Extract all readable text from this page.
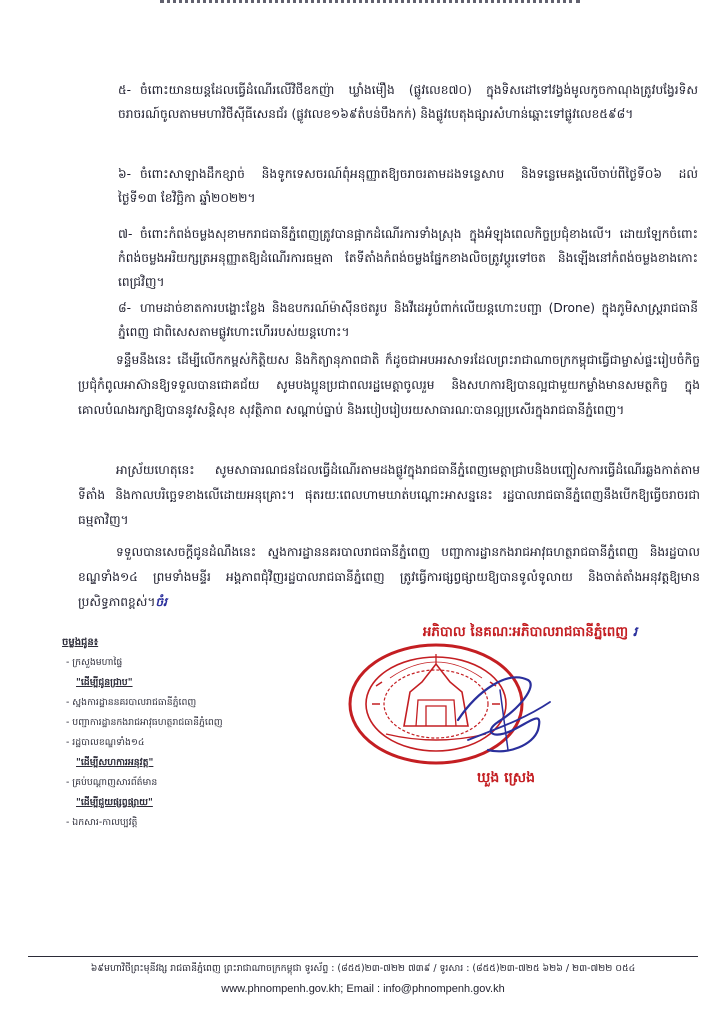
៥- ចំពោះយានយន្តដែលធ្វើដំណើរលើវិថីឧកញ៉ា ឃ្លាំងម៉ឿង (ផ្លូវលេខ៧០) ក្នុងទិសដៅទៅវង្វង់មូលកូចកាណុងត្រូវបង្វែរទិសចរាចរណ៍ចូលតាមមហាវិថីស៊ីធីសេនជ័រ (ផ្លូវលេខ១៦៩តំបន់បឹងកក់) និងផ្លូវបេតុងផ្សារសំហាន់ឆ្ពោះទៅផ្លូវលេខ៥៩៨។
៦- ចំពោះសាឡាងដឹកខ្សាច់ និងទូកទេសចរណ៍ពុំអនុញ្ញាតឱ្យចរាចរតាមដងទន្លេសាប និងទន្លេមេគង្គលើចាប់ពីថ្ងៃទី០៦ ដល់ថ្ងៃទី១៣ ខែវិច្ឆិកា ឆ្នាំ២០២២។
៧- ចំពោះកំពង់ចម្លងសុខាមករាជធានីភ្នំពេញត្រូវបានផ្អាកដំណើរការទាំងស្រុង ក្នុងអំឡុងពេលកិច្ចប្រជុំខាងលើ។ ដោយឡែកចំពោះកំពង់ចម្លងអរិយក្សត្រអនុញ្ញាតឱ្យដំណើរការធម្មតា តែទីតាំងកំពង់ចម្លងផ្នែកខាងលិចត្រូវប្តូរទៅចត និងឡើងនៅកំពង់ចម្លងខាងកោះពេជ្រវិញ។
៨- ហាមដាច់ខាតការបង្ហោះខ្លែង និងឧបករណ៍ម៉ាស៊ីនថតរូប និងវីដេអូបំពាក់លើយន្តហោះបញ្ជា (Drone) ក្នុងភូមិសាស្ត្ររាជធានីភ្នំពេញ ជាពិសេសតាមផ្លូវហោះហើររបស់យន្តហោះ។
ទន្ទឹមនឹងនេះ ដើម្បីលើកកម្ពស់កិត្តិយស និងកិត្យានុភាពជាតិ ក៏ដូចជាអបអរសាទរដែលព្រះរាជាណាចក្រកម្ពុជាធ្វើជាម្ចាស់ផ្ទះរៀបចំកិច្ចប្រជុំកំពូលអាស៊ានឱ្យទទួលបានជោគជ័យ សូមបងប្អូនប្រជាពលរដ្ឋមេត្តាចូលរួម និងសហការឱ្យបានល្អជាមួយកម្លាំងមានសមត្ថកិច្ច ក្នុងគោលបំណងរក្សាឱ្យបាននូវសន្តិសុខ សុវត្ថិភាព សណ្តាប់ធ្នាប់ និងរបៀបរៀបរយសាធារណៈបានល្អប្រសើរក្នុងរាជធានីភ្នំពេញ។
អាស្រ័យហេតុនេះ សូមសាធារណជនដែលធ្វើដំណើរតាមដងផ្លូវក្នុងរាជធានីភ្នំពេញមេត្តាជ្រាបនិងបញ្ចៀសការធ្វើដំណើរឆ្លងកាត់តាមទីតាំង និងកាលបរិច្ឆេទខាងលើដោយអនុគ្រោះ។ ផុតរយៈពេលហាមឃាត់បណ្តោះអាសន្ននេះ រដ្ឋបាលរាជធានីភ្នំពេញនឹងបើកឱ្យធ្វើចរាចរជាធម្មតាវិញ។
ទទួលបានសេចក្តីជូនដំណឹងនេះ ស្នងការដ្ឋាននគរបាលរាជធានីភ្នំពេញ បញ្ជាការដ្ឋានកងរាជអាវុធហត្ថរាជធានីភ្នំពេញ និងរដ្ឋបាលខណ្ឌទាំង១៤ ព្រមទាំងមន្ទីរ អង្គភាពជុំវិញរដ្ឋបាលរាជធានីភ្នំពេញ ត្រូវធ្វើការផ្សព្វផ្សាយឱ្យបានទូលំទូលាយ និងចាត់តាំងអនុវត្តឱ្យមានប្រសិទ្ធភាពខ្ពស់។ចំរ
អភិបាល នៃគណៈអភិបាលរាជធានីភ្នំពេញ រ
ឃួង ស្រេង
ចម្លងជូន៖
- ក្រសួងមហាផ្ទៃ
"ដើម្បីជូនជ្រាប"
- ស្នងការដ្ឋាននគរបាលរាជធានីភ្នំពេញ
- បញ្ជាការដ្ឋានកងរាជអាវុធហត្ថរាជធានីភ្នំពេញ
- រដ្ឋបាលខណ្ឌទាំង១៤
"ដើម្បីសហការអនុវត្ត"
- គ្រប់បណ្តាញសារព័ត៌មាន
"ដើម្បីជួយផ្សព្វផ្សាយ"
- ឯកសារ-កាលប្បវត្តិ
៦៩មហាវិថីព្រះមុនីវង្ស រាជធានីភ្នំពេញ ព្រះរាជាណាចក្រកម្ពុជា ទូរស័ព្ទ : (៨៥៥)២៣-៧២២ ៧៣៩ / ទូរសារ : (៨៥៥)២៣-៧២៥ ៦២៦ / ២៣-៧២២ ០៥៤
www.phnompenh.gov.kh; Email : info@phnompenh.gov.kh
